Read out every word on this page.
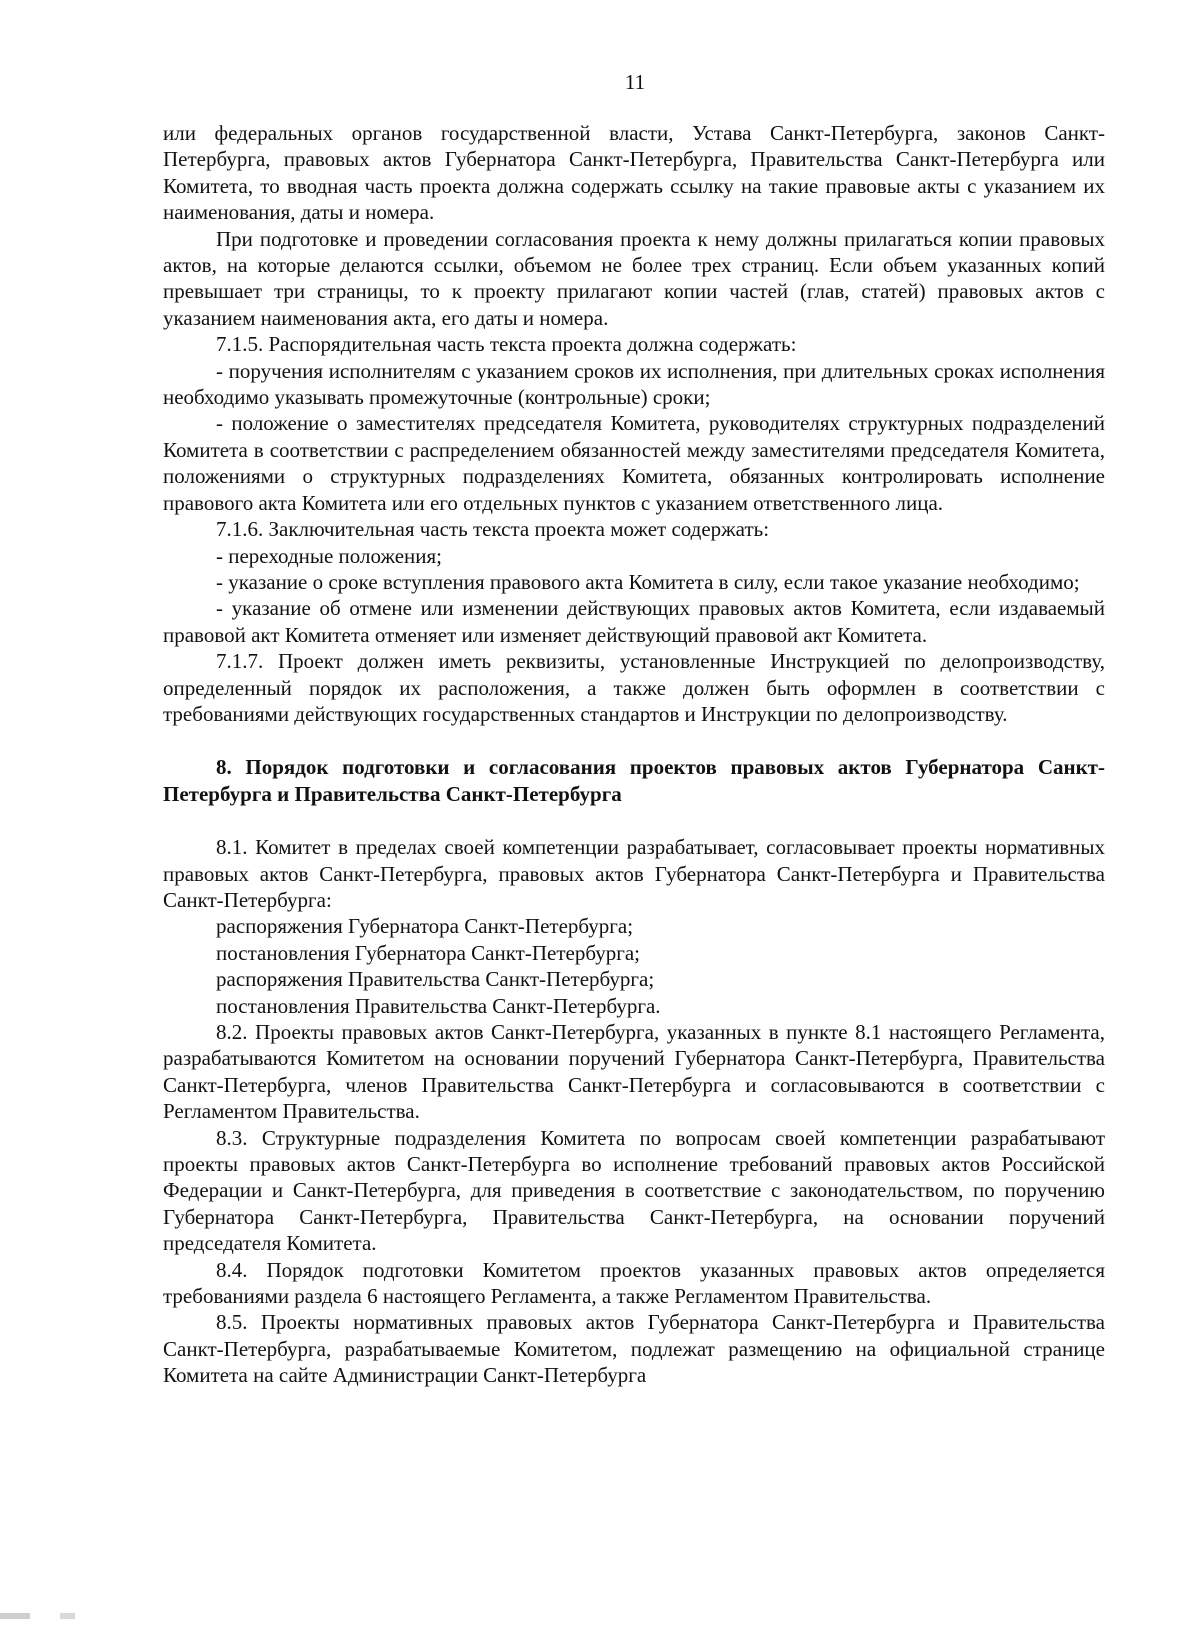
11

или федеральных органов государственной власти, Устава Санкт-Петербурга, законов Санкт-Петербурга, правовых актов Губернатора Санкт-Петербурга, Правительства Санкт-Петербурга или Комитета, то вводная часть проекта должна содержать ссылку на такие правовые акты с указанием их наименования, даты и номера.

При подготовке и проведении согласования проекта к нему должны прилагаться копии правовых актов, на которые делаются ссылки, объемом не более трех страниц. Если объем указанных копий превышает три страницы, то к проекту прилагают копии частей (глав, статей) правовых актов с указанием наименования акта, его даты и номера.

7.1.5. Распорядительная часть текста проекта должна содержать:

- поручения исполнителям с указанием сроков их исполнения, при длительных сроках исполнения необходимо указывать промежуточные (контрольные) сроки;

- положение о заместителях председателя Комитета, руководителях структурных подразделений Комитета в соответствии с распределением обязанностей между заместителями председателя Комитета, положениями о структурных подразделениях Комитета, обязанных контролировать исполнение правового акта Комитета или его отдельных пунктов с указанием ответственного лица.

7.1.6. Заключительная часть текста проекта может содержать:

- переходные положения;

- указание о сроке вступления правового акта Комитета в силу, если такое указание необходимо;

- указание об отмене или изменении действующих правовых актов Комитета, если издаваемый правовой акт Комитета отменяет или изменяет действующий правовой акт Комитета.

7.1.7. Проект должен иметь реквизиты, установленные Инструкцией по делопроизводству, определенный порядок их расположения, а также должен быть оформлен в соответствии с требованиями действующих государственных стандартов и Инструкции по делопроизводству.

8. Порядок подготовки и согласования проектов правовых актов Губернатора Санкт-Петербурга и Правительства Санкт-Петербурга

8.1. Комитет в пределах своей компетенции разрабатывает, согласовывает проекты нормативных правовых актов Санкт-Петербурга, правовых актов Губернатора Санкт-Петербурга и Правительства Санкт-Петербурга:

распоряжения Губернатора Санкт-Петербурга;

постановления Губернатора Санкт-Петербурга;

распоряжения Правительства Санкт-Петербурга;

постановления Правительства Санкт-Петербурга.

8.2. Проекты правовых актов Санкт-Петербурга, указанных в пункте 8.1 настоящего Регламента, разрабатываются Комитетом на основании поручений Губернатора Санкт-Петербурга, Правительства Санкт-Петербурга, членов Правительства Санкт-Петербурга и согласовываются в соответствии с Регламентом Правительства.

8.3. Структурные подразделения Комитета по вопросам своей компетенции разрабатывают проекты правовых актов Санкт-Петербурга во исполнение требований правовых актов Российской Федерации и Санкт-Петербурга, для приведения в соответствие с законодательством, по поручению Губернатора Санкт-Петербурга, Правительства Санкт-Петербурга, на основании поручений председателя Комитета.

8.4. Порядок подготовки Комитетом проектов указанных правовых актов определяется требованиями раздела 6 настоящего Регламента, а также Регламентом Правительства.

8.5. Проекты нормативных правовых актов Губернатора Санкт-Петербурга и Правительства Санкт-Петербурга, разрабатываемые Комитетом, подлежат размещению на официальной странице Комитета на сайте Администрации Санкт-Петербурга
